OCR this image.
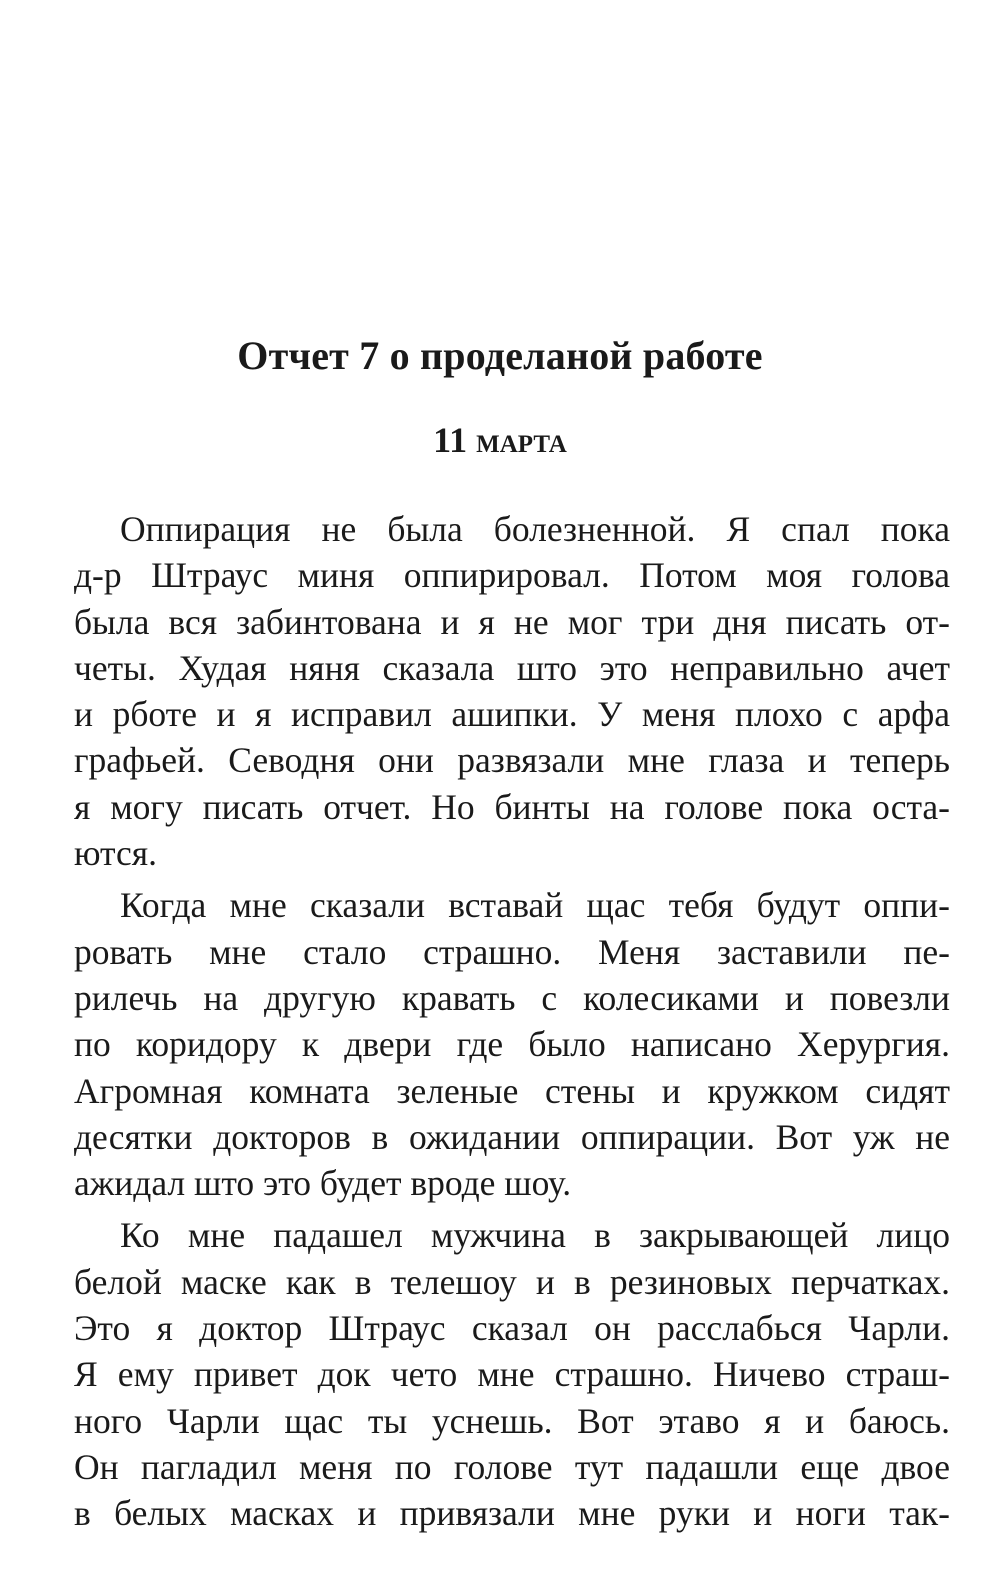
Отчет 7 о проделаной работе
11 марта
Оппирация не была болезненной. Я спал пока
д-р Штраус миня оппирировал. Потом моя голова
была вся забинтована и я не мог три дня писать от-
четы. Худая няня сказала што это неправильно ачет
и рботе и я исправил ашипки. У меня плохо с арфа
графьей. Севодня они развязали мне глаза и теперь
я могу писать отчет. Но бинты на голове пока оста-
ются.
Когда мне сказали вставай щас тебя будут оппи-
ровать мне стало страшно. Меня заставили пе-
рилечь на другую кравать с колесиками и повезли
по коридору к двери где было написано Херургия.
Агромная комната зеленые стены и кружком сидят
десятки докторов в ожидании оппирации. Вот уж не
ажидал што это будет вроде шоу.
Ко мне падашел мужчина в закрывающей лицо
белой маске как в телешоу и в резиновых перчатках.
Это я доктор Штраус сказал он расслабься Чарли.
Я ему привет док чето мне страшно. Ничево страш-
ного Чарли щас ты уснешь. Вот этаво я и баюсь.
Он пагладил меня по голове тут падашли еще двое
в белых масках и привязали мне руки и ноги так-
